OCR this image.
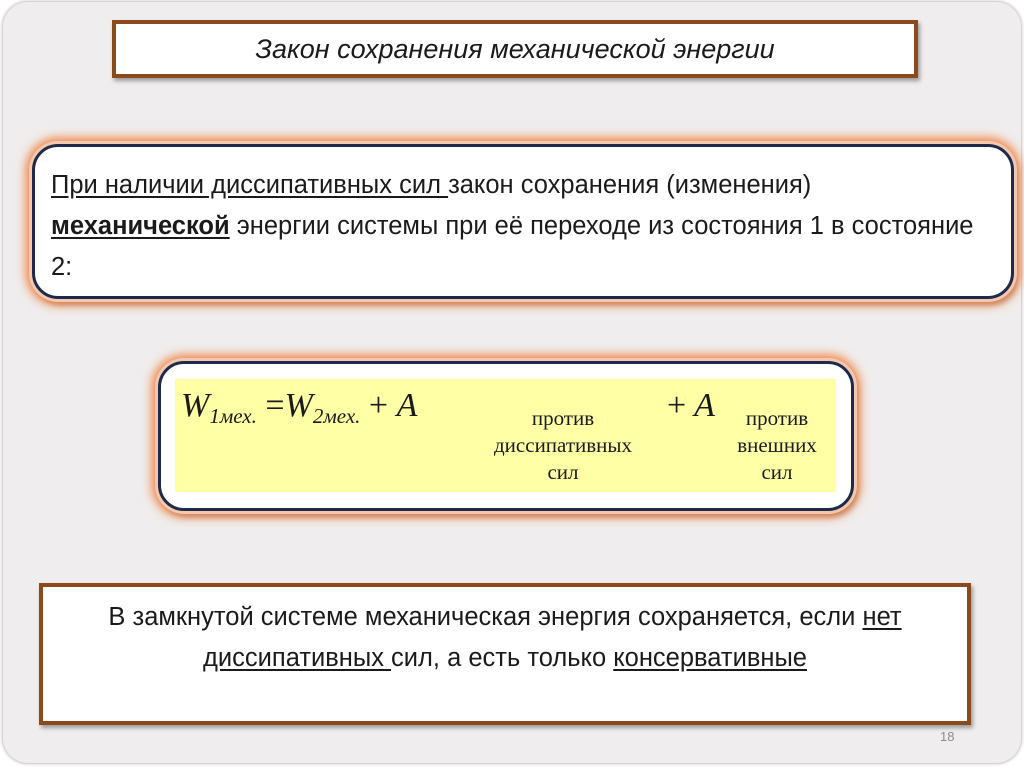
Закон сохранения механической энергии

При наличии диссипативных сил закон сохранения (изменения) механической энергии системы при её переходе из состояния 1 в состояние 2:

$W_{1мех.} =W_{2мех.} + A$	+ A
против
диссипативных
сил
против
внешних
сил

В замкнутой системе механическая энергия сохраняется, если нет диссипативных сил, а есть только консервативные

18
